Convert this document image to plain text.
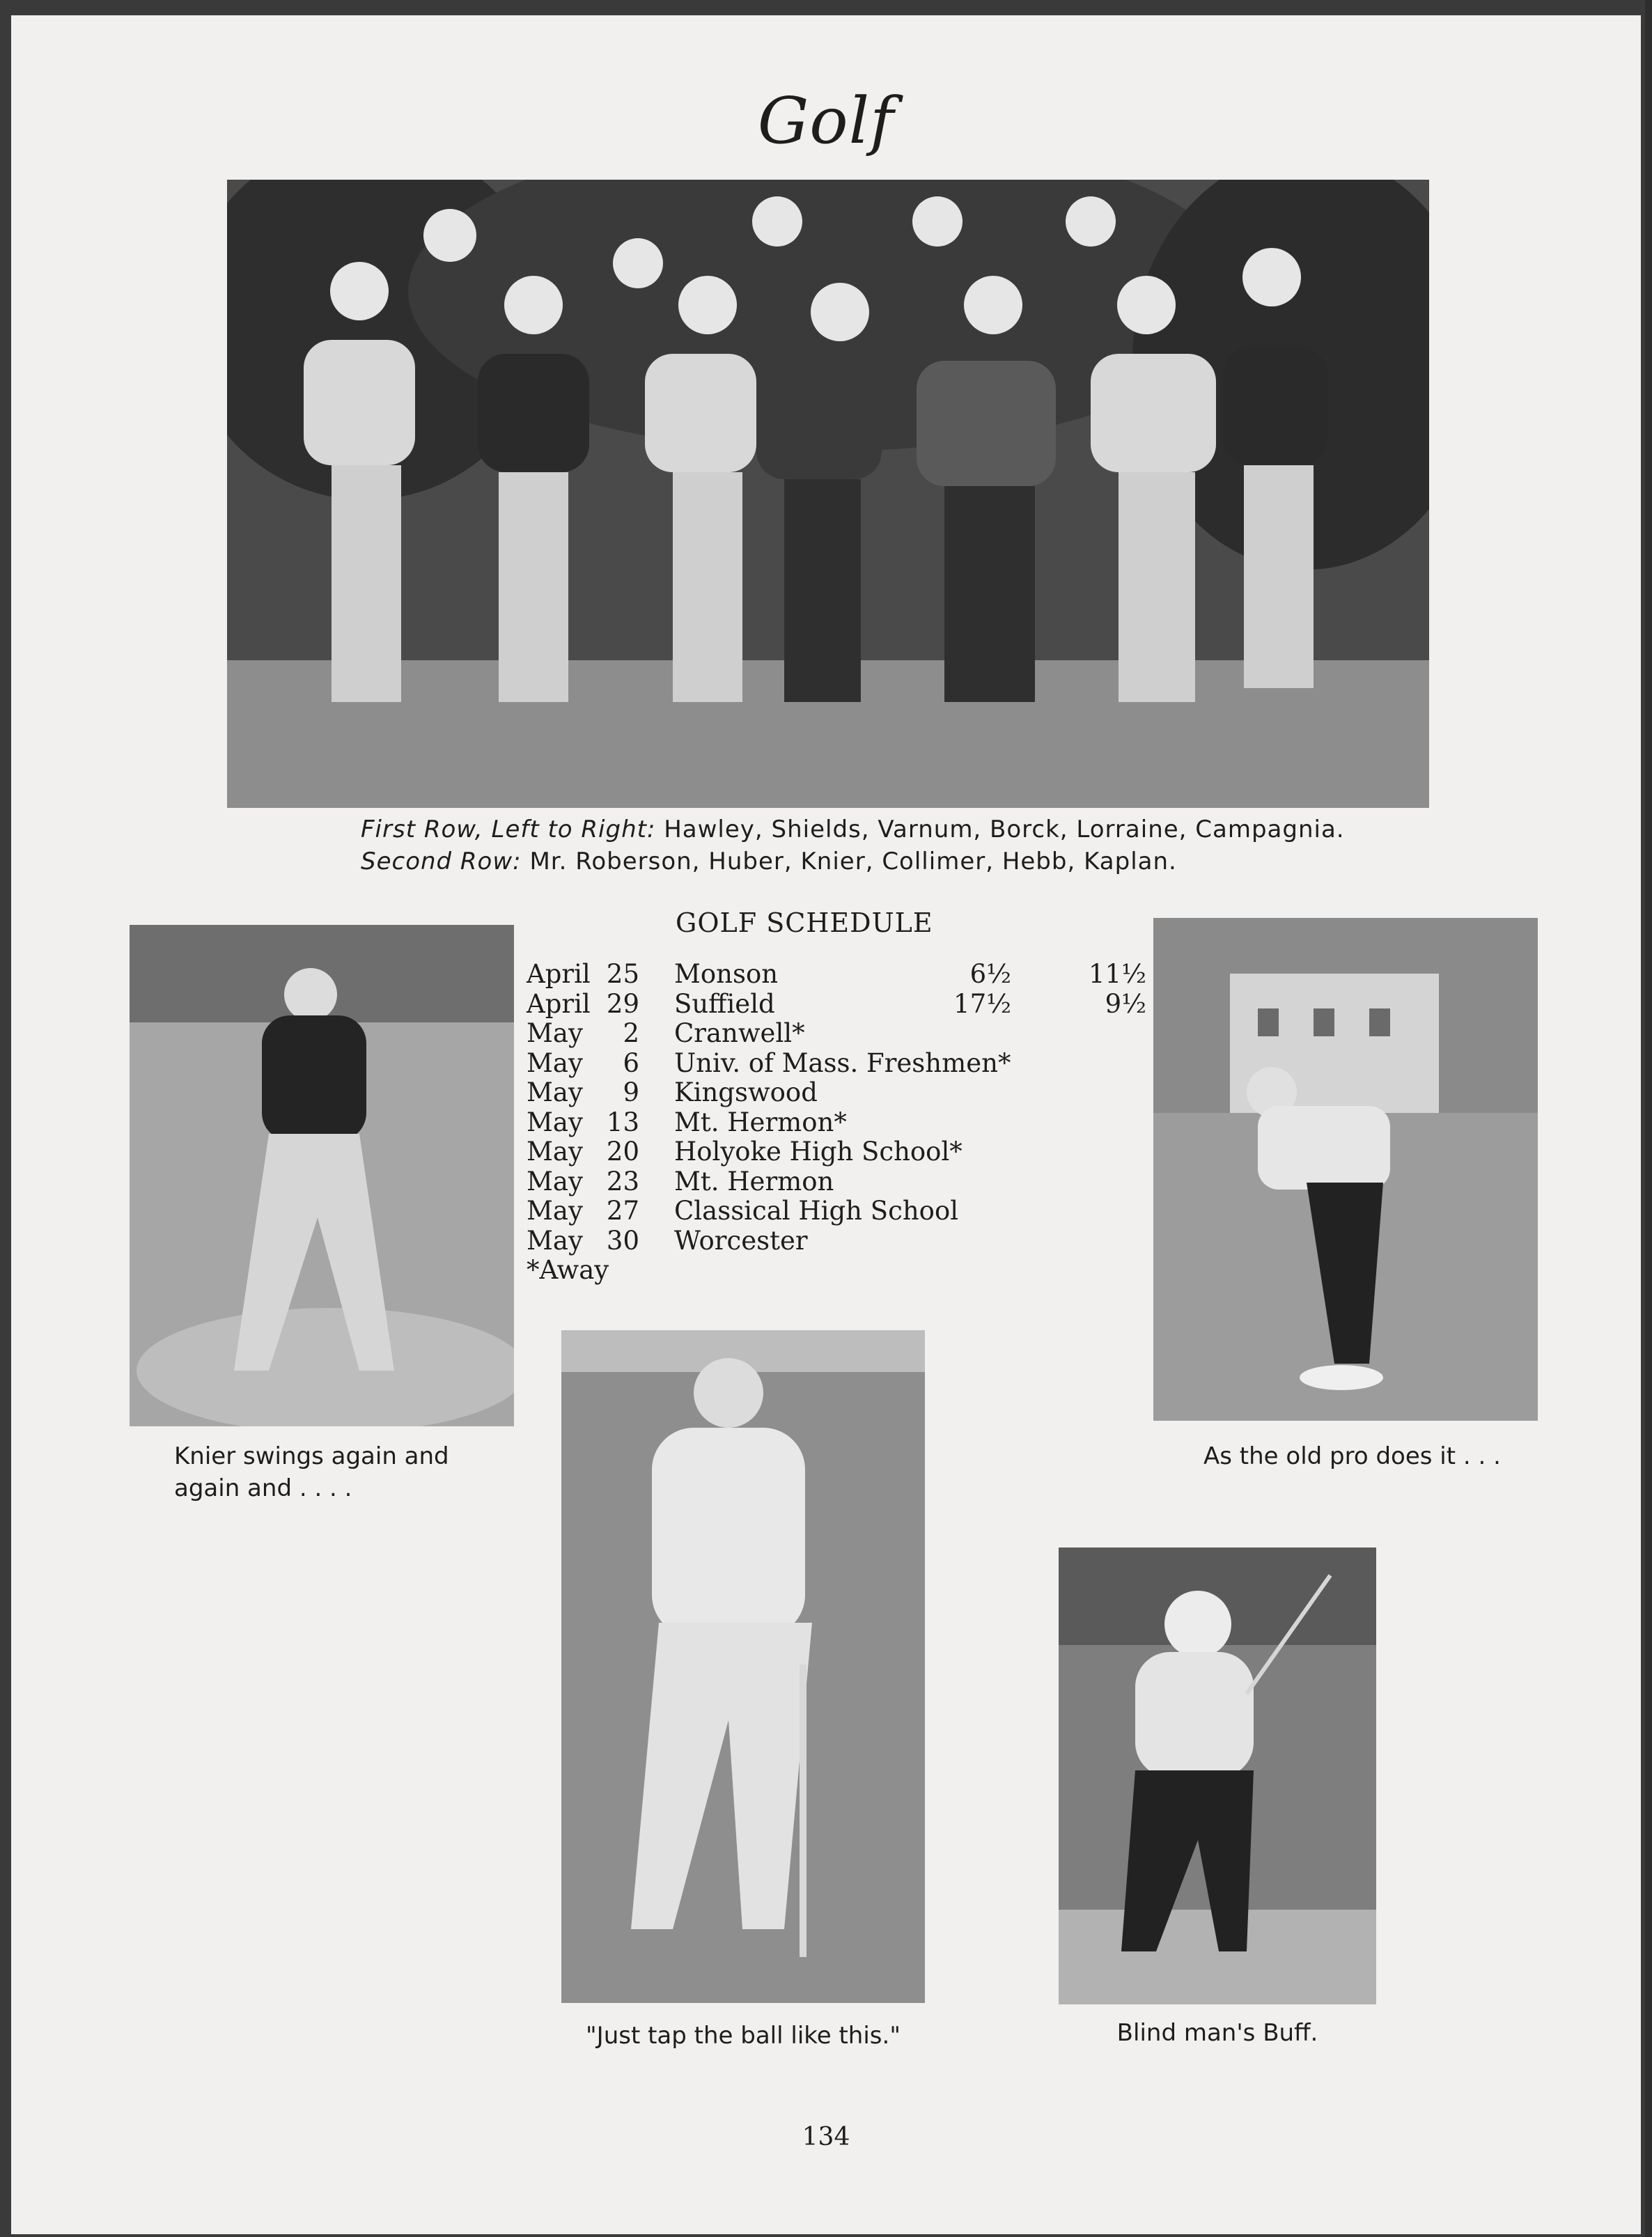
Golf
First Row, Left to Right: Hawley, Shields, Varnum, Borck, Lorraine, Campagnia.
Second Row: Mr. Roberson, Huber, Knier, Collimer, Hebb, Kaplan.
Knier swings again and
again and . . . .
GOLF SCHEDULE
April 25 Monson	6½	11½
April 29 Suffield	17½	9½
May	2 Cranwell*
May	6 Univ. of Mass. Freshmen*
May	9 Kingswood
May 13 Mt. Hermon*
May 20 Holyoke High School*
May 23 Mt. Hermon
May 27 Classical High School
May 30 Worcester
*Away
As the old pro does it . . .
"Just tap the ball like this."	Blind man's Buff.
134
